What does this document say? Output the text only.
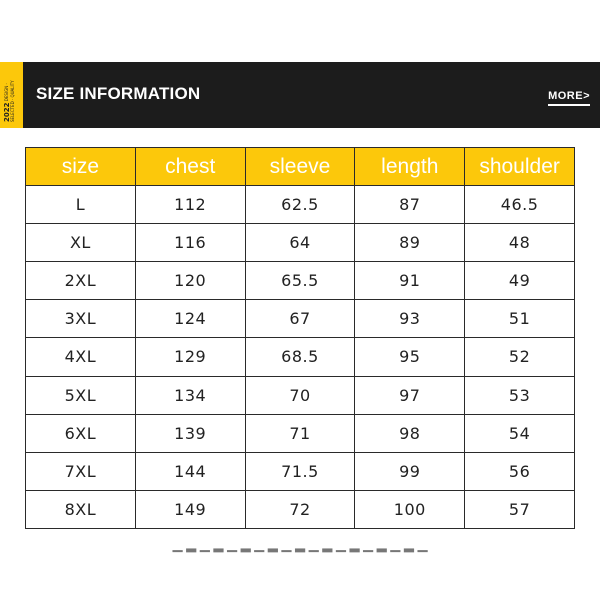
2022 DESIGN · SELECTED · QUALITY SIZE INFORMATION	MORE>
size	chest	sleeve	length	shoulder
L	112	62.5	87	46.5
XL	116	64	89	48
2XL	120	65.5	91	49
3XL	124	67	93	51
4XL	129	68.5	95	52
5XL	134	70	97	53
6XL	139	71	98	54
7XL	144	71.5	99	56
8XL	149	72	100	57
▁ ▂ ▁ ▂ ▁ ▂ ▁ ▂ ▁ ▂ ▁ ▂ ▁ ▂ ▁ ▂ ▁ ▂ ▁
